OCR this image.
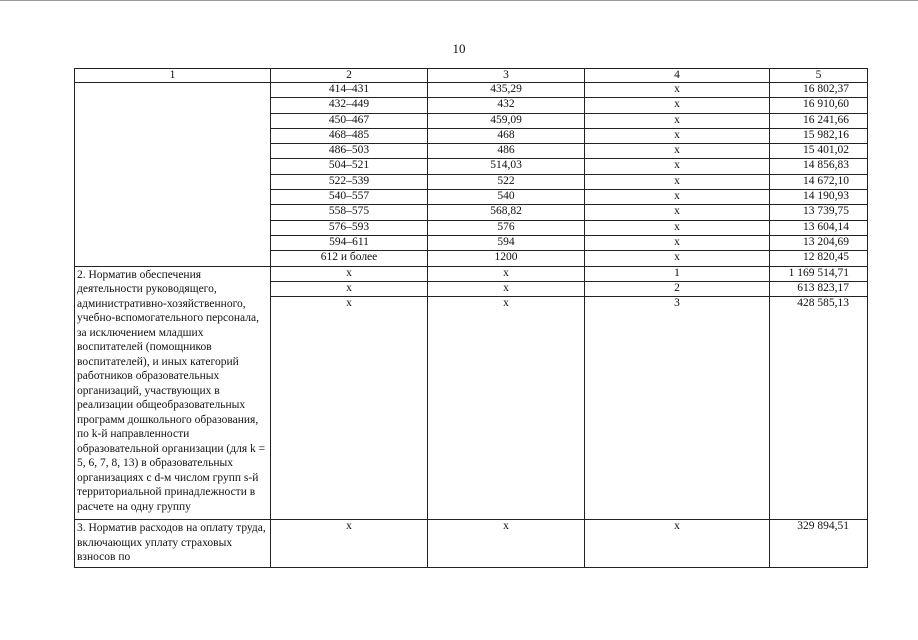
10
1	2	3	4	5
	414–431	435,29	х	16 802,37
	432–449	432	х	16 910,60
	450–467	459,09	х	16 241,66
	468–485	468	х	15 982,16
	486–503	486	х	15 401,02
	504–521	514,03	х	14 856,83
	522–539	522	х	14 672,10
	540–557	540	х	14 190,93
	558–575	568,82	х	13 739,75
	576–593	576	х	13 604,14
	594–611	594	х	13 204,69
	612 и более	1200	х	12 820,45
2. Норматив обеспечения деятельности руководящего, административно-хозяйственного, учебно-вспомогательного персонала, за исключением младших воспитателей (помощников воспитателей), и иных категорий работников образовательных организаций, участвующих в реализации общеобразовательных программ дошкольного образования, по k-й направленности образовательной организации (для k = 5, 6, 7, 8, 13) в образовательных организациях с d-м числом групп s-й территориальной принадлежности в расчете на одну группу	х	х	1	1 169 514,71
	х	х	2	613 823,17
	х	х	3	428 585,13
3. Норматив расходов на оплату труда, включающих уплату страховых взносов по	х	х	х	329 894,51
